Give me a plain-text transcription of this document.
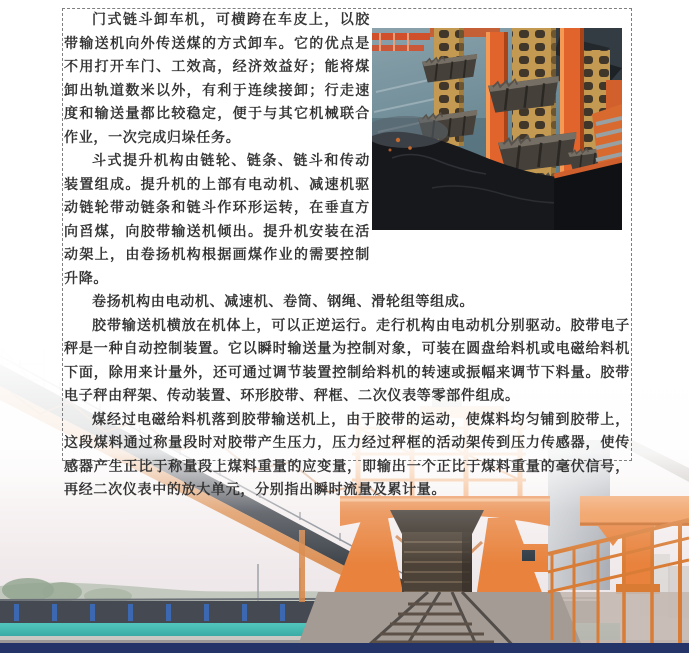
门式链斗卸车机，可横跨在车皮上，以胶带输送机向外传送煤的方式卸车。它的优点是不用打开车门、工效高，经济效益好；能将煤卸出轨道数米以外，有利于连续接卸；行走速度和输送量都比较稳定，便于与其它机械联合作业，一次完成归垛任务。

斗式提升机构由链轮、链条、链斗和传动装置组成。提升机的上部有电动机、减速机驱动链轮带动链条和链斗作环形运转，在垂直方向舀煤，向胶带输送机倾出。提升机安装在活动架上，由卷扬机构根据画煤作业的需要控制升降。

卷扬机构由电动机、减速机、卷筒、钢绳、滑轮组等组成。

胶带输送机横放在机体上，可以正逆运行。走行机构由电动机分别驱动。胶带电子秤是一种自动控制装置。它以瞬时输送量为控制对象，可装在圆盘给料机或电磁给料机下面，除用来计量外，还可通过调节装置控制给料机的转速或振幅来调节下料量。胶带电子秤由秤架、传动装置、环形胶带、秤框、二次仪表等零部件组成。

煤经过电磁给料机落到胶带输送机上，由于胶带的运动，使煤料均匀铺到胶带上，这段煤料通过称量段时对胶带产生压力，压力经过秤框的活动架传到压力传感器，使传感器产生正比于称量段上煤料重量的应变量，即输出一个正比于煤料重量的毫伏信号，再经二次仪表中的放大单元，分别指出瞬时流量及累计量。
